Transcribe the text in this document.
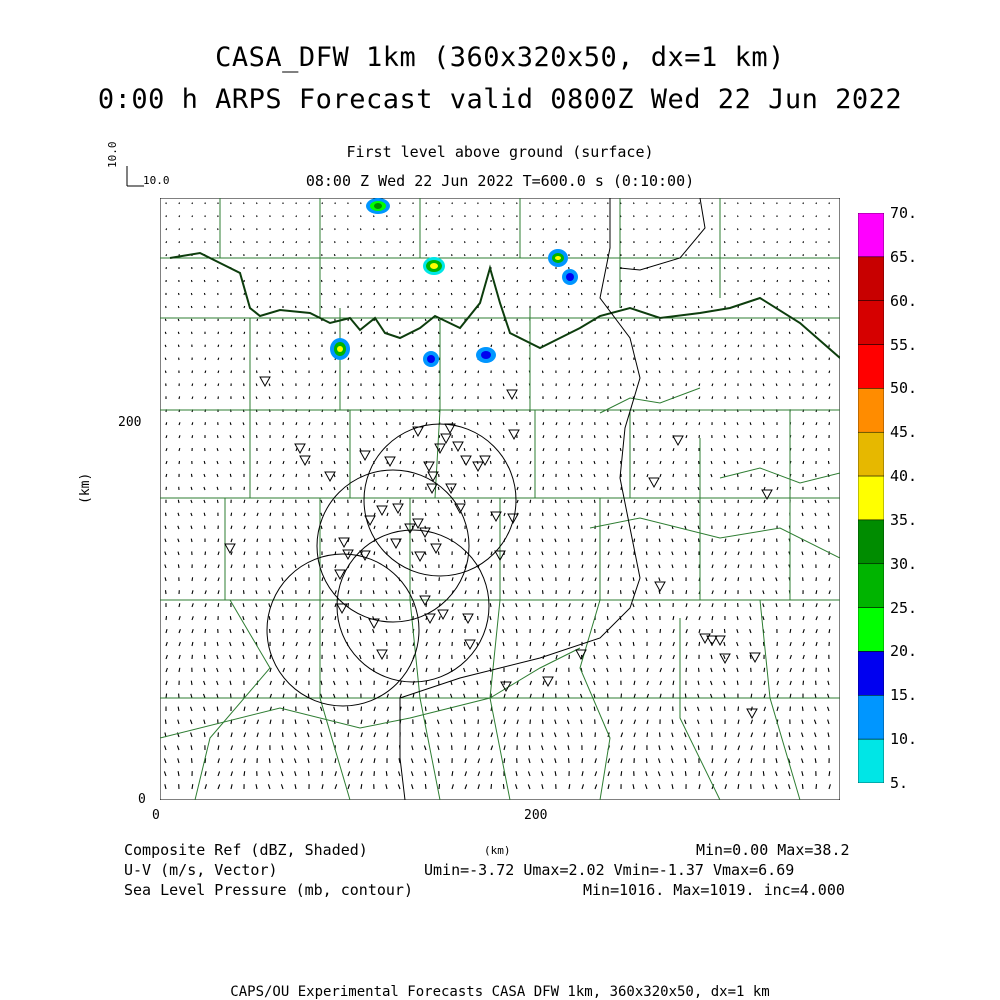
CASA_DFW 1km (360x320x50, dx=1 km)
0:00 h ARPS Forecast valid 0800Z Wed 22 Jun 2022
First level above ground (surface)
08:00 Z Wed 22 Jun 2022 T=600.0 s (0:10:00)
10.0
10.0
(km)
200
0
0	200
(km)
70.
65.
60.
55.
50.
45.
40.
35.
30.
25.
20.
15.
10.
5.
Composite Ref (dBZ, Shaded)	Min=0.00 Max=38.2
U-V (m/s, Vector)	Umin=-3.72 Umax=2.02 Vmin=-1.37 Vmax=6.69
Sea Level Pressure (mb, contour)	Min=1016. Max=1019. inc=4.000
CAPS/OU Experimental Forecasts CASA DFW 1km, 360x320x50, dx=1 km
